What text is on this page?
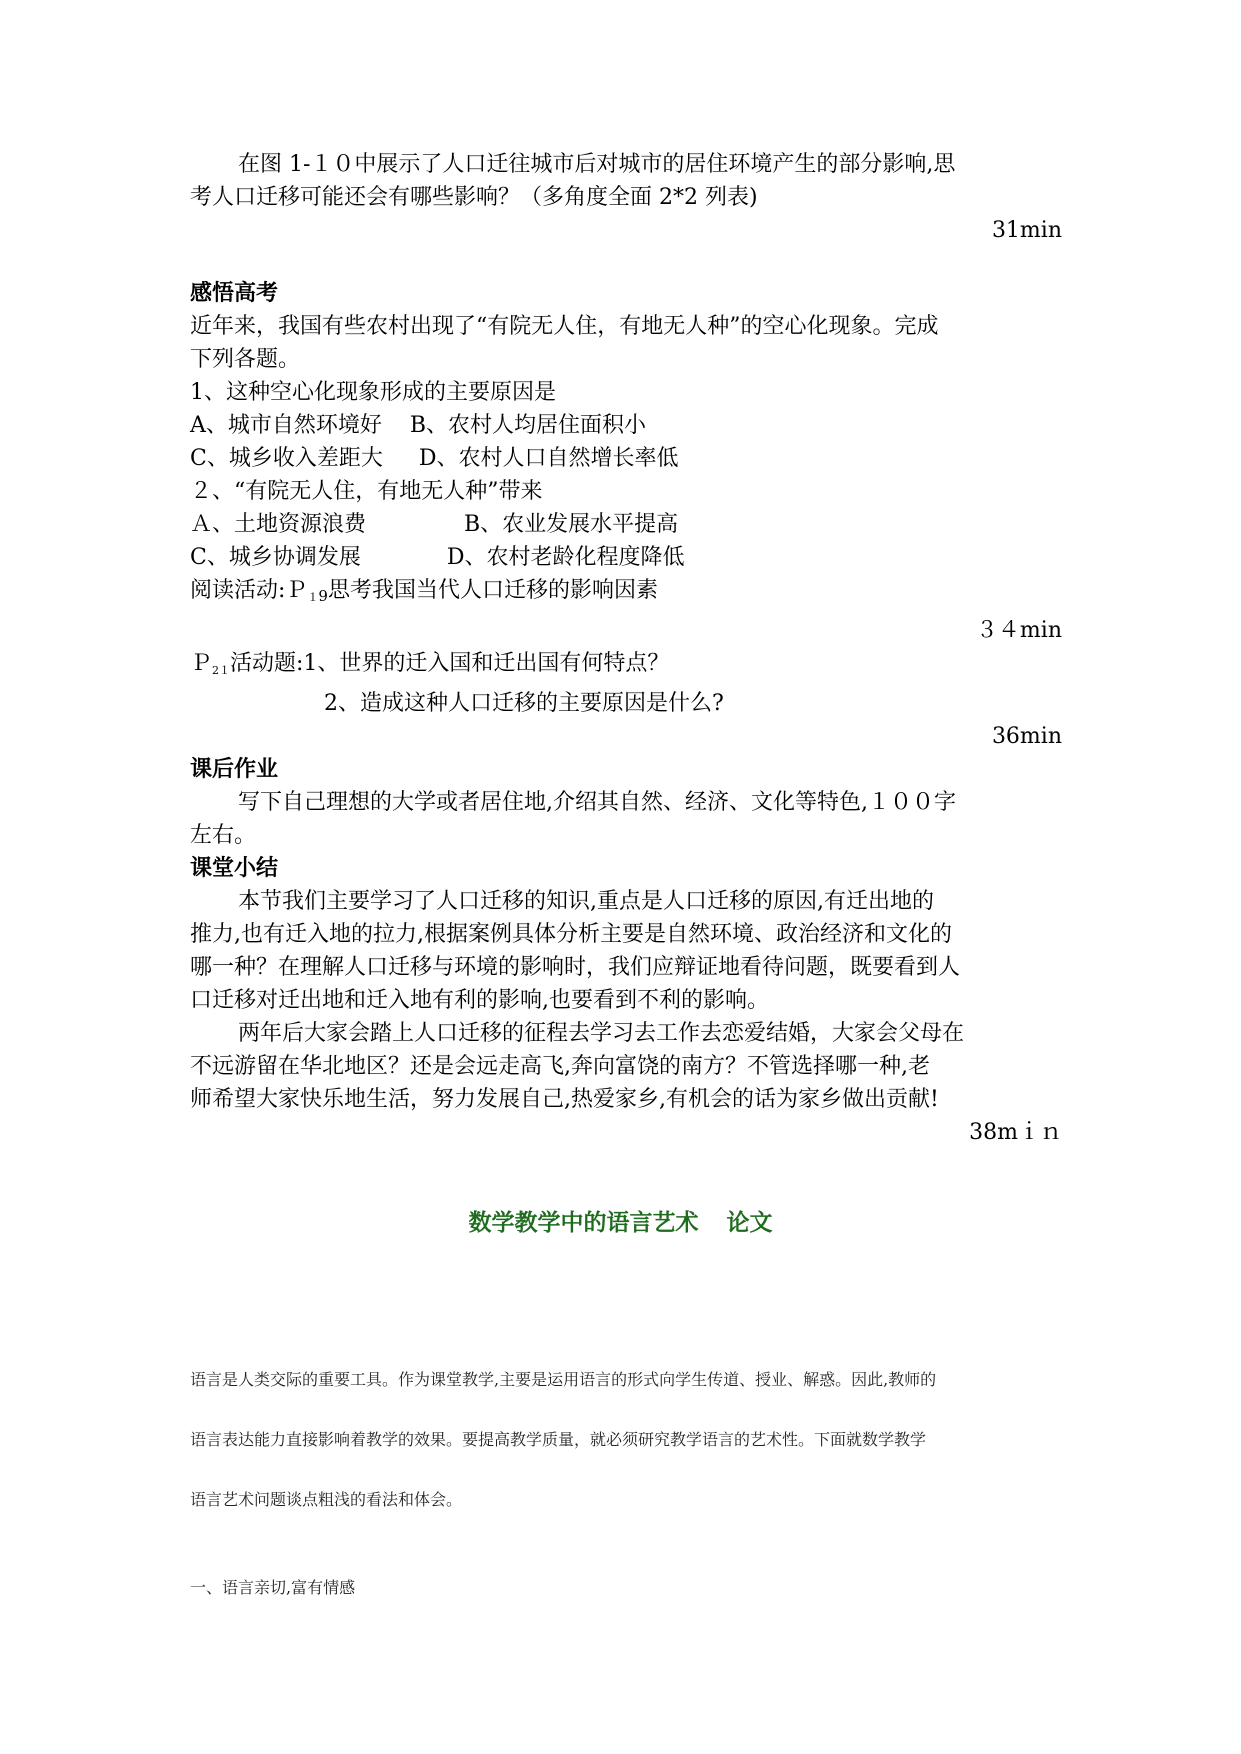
在图 1-１０中展示了人口迁往城市后对城市的居住环境产生的部分影响,思
考人口迁移可能还会有哪些影响？（多角度全面 2*2 列表)
31min
感悟高考
近年来，我国有些农村出现了“有院无人住，有地无人种”的空心化现象。完成
下列各题。
1、这种空心化现象形成的主要原因是
A、城市自然环境好 B、农村人均居住面积小
C、城乡收入差距大 D、农村人口自然增长率低
２、“有院无人住，有地无人种”带来
Ａ、土地资源浪费	B、农业发展水平提高
C、城乡协调发展	D、农村老龄化程度降低
阅读活动:Ｐ$_{19}$思考我国当代人口迁移的影响因素
３４min
Ｐ$_{21}$活动题:1、世界的迁入国和迁出国有何特点？
2、造成这种人口迁移的主要原因是什么?
36min
课后作业
写下自己理想的大学或者居住地,介绍其自然、经济、文化等特色,１００字
左右。
课堂小结
本节我们主要学习了人口迁移的知识,重点是人口迁移的原因,有迁出地的
推力,也有迁入地的拉力,根据案例具体分析主要是自然环境、政治经济和文化的
哪一种？在理解人口迁移与环境的影响时，我们应辩证地看待问题，既要看到人
口迁移对迁出地和迁入地有利的影响,也要看到不利的影响。
两年后大家会踏上人口迁移的征程去学习去工作去恋爱结婚，大家会父母在
不远游留在华北地区？还是会远走高飞,奔向富饶的南方？不管选择哪一种,老
师希望大家快乐地生活，努力发展自己,热爱家乡,有机会的话为家乡做出贡献!
38mｉｎ
数学教学中的语言艺术 论文
语言是人类交际的重要工具。作为课堂教学,主要是运用语言的形式向学生传道、授业、解惑。因此,教师的
语言表达能力直接影响着教学的效果。要提高教学质量，就必须研究教学语言的艺术性。下面就数学教学
语言艺术问题谈点粗浅的看法和体会。
一、语言亲切,富有情感
